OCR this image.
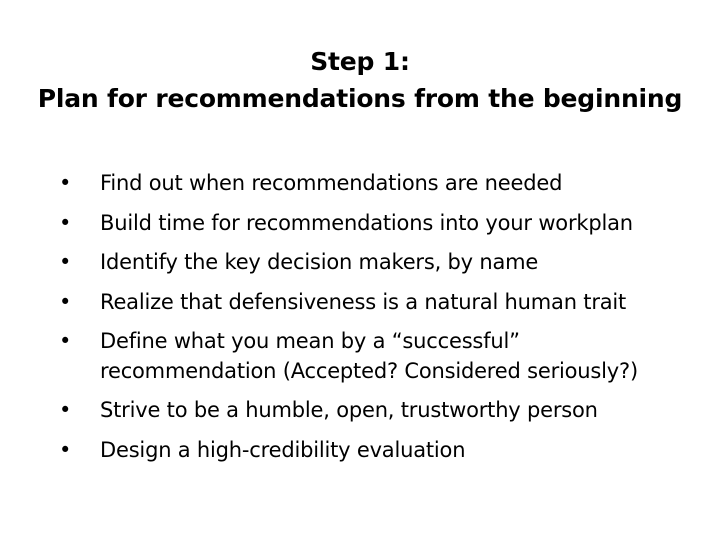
Step 1:
Plan for recommendations from the beginning
• Find out when recommendations are needed
• Build time for recommendations into your workplan
• Identify the key decision makers, by name
• Realize that defensiveness is a natural human trait
• Define what you mean by a “successful”
recommendation (Accepted? Considered seriously?)
• Strive to be a humble, open, trustworthy person
• Design a high-credibility evaluation
